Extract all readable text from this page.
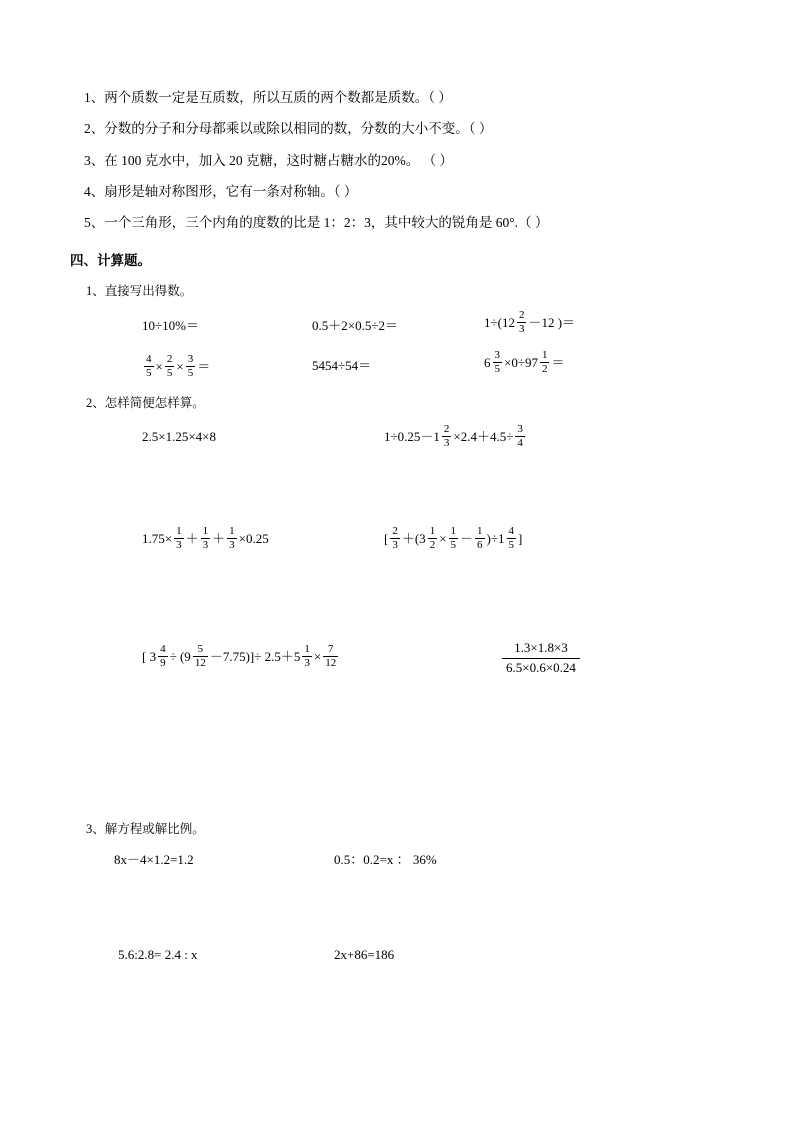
1、两个质数一定是互质数，所以互质的两个数都是质数。（ ）
2、分数的分子和分母都乘以或除以相同的数，分数的大小不变。（ ）
3、在 100 克水中，加入 20 克糖，这时糖占糖水的20%。 （ ）
4、扇形是轴对称图形，它有一条对称轴。（ ）
5、一个三角形，三个内角的度数的比是 1：2：3，其中较大的锐角是 60°.（ ）
四、计算题。
1、直接写出得数。
10÷10%＝	0.5＋2×0.5÷2＝	$1\div(12 \frac{2}{3} -12$ )＝
$\frac{4}{5} \times \frac{2}{5} \times \frac{3}{5}$ ＝	5454÷54＝	$6 \frac{3}{5} \times 0\div 97 \frac{1}{2}$ ＝
2、怎样简便怎样算。
2.5×1.25×4×8	$1\div 0.25-1 \frac{2}{3} \times 2.4+4.5\div \frac{3}{4}$
$1.75\times \frac{1}{3} + \frac{1}{3} + \frac{1}{3} \times 0.25$	[ $\frac{2}{3} +(3 \frac{1}{2} \times \frac{1}{5} - \frac{1}{6} )\div 1 \frac{4}{5}$ ]
[ $3 \frac{4}{9} \div (9 \frac{5}{12} -7.75)]\div 2.5+5 \frac{1}{3} \times \frac{7}{12}$	$\frac{1.3\times 1.8\times 3}{6.5\times 0.6\times 0.24}$
3、解方程或解比例。
8x－4×1.2=1.2	0.5：0.2=x ： 36%
5.6:2.8= 2.4 : x	2x+86=186
